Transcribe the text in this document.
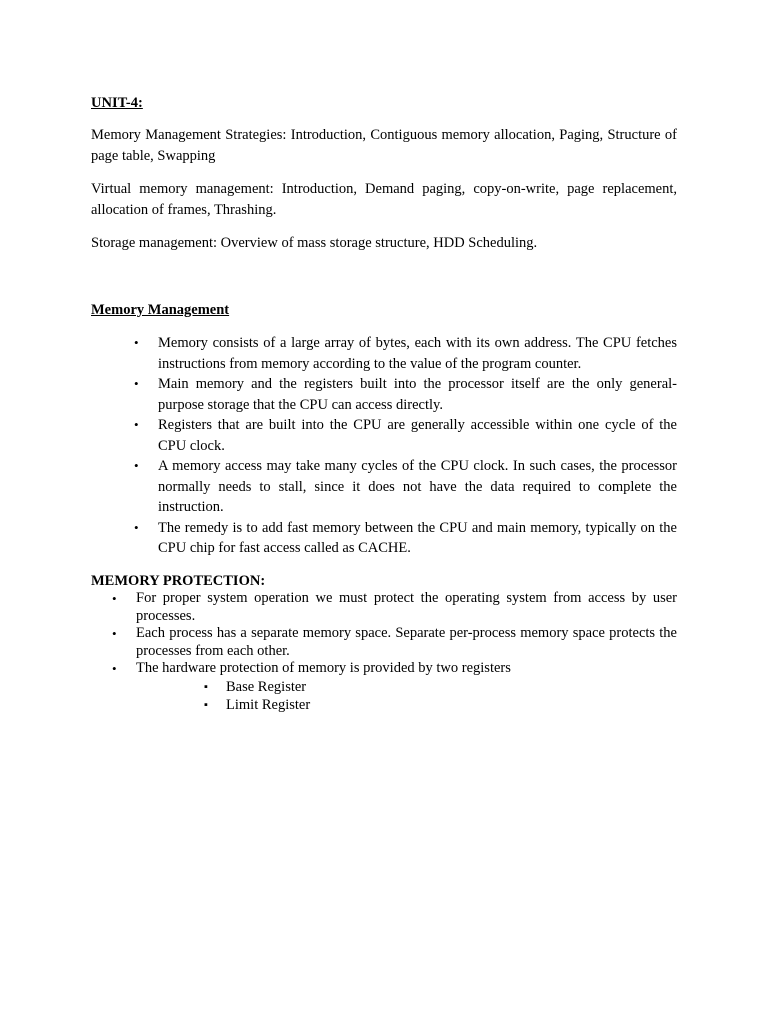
UNIT-4:
Memory Management Strategies: Introduction, Contiguous memory allocation, Paging, Structure of page table, Swapping
Virtual memory management: Introduction, Demand paging, copy-on-write, page replacement, allocation of frames, Thrashing.
Storage management: Overview of mass storage structure, HDD Scheduling.
Memory Management
• Memory consists of a large array of bytes, each with its own address. The CPU fetches instructions from memory according to the value of the program counter.
• Main memory and the registers built into the processor itself are the only general-purpose storage that the CPU can access directly.
• Registers that are built into the CPU are generally accessible within one cycle of the CPU clock.
• A memory access may take many cycles of the CPU clock. In such cases, the processor normally needs to stall, since it does not have the data required to complete the instruction.
• The remedy is to add fast memory between the CPU and main memory, typically on the CPU chip for fast access called as CACHE.
MEMORY PROTECTION:
• For proper system operation we must protect the operating system from access by user processes.
• Each process has a separate memory space. Separate per-process memory space protects the processes from each other.
• The hardware protection of memory is provided by two registers
▪ Base Register
▪ Limit Register
